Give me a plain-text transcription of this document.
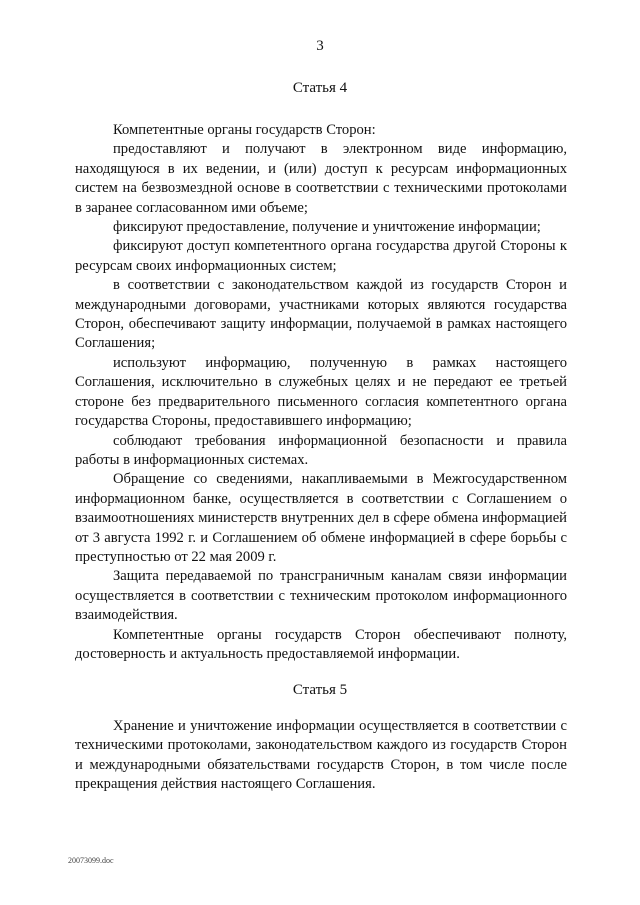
3
Статья 4

Компетентные органы государств Сторон:

предоставляют и получают в электронном виде информацию, находящуюся в их ведении, и (или) доступ к ресурсам информационных систем на безвозмездной основе в соответствии с техническими протоколами в заранее согласованном ими объеме;

фиксируют предоставление, получение и уничтожение информации;

фиксируют доступ компетентного органа государства другой Стороны к ресурсам своих информационных систем;

в соответствии с законодательством каждой из государств Сторон и международными договорами, участниками которых являются государства Сторон, обеспечивают защиту информации, получаемой в рамках настоящего Соглашения;

используют информацию, полученную в рамках настоящего Соглашения, исключительно в служебных целях и не передают ее третьей стороне без предварительного письменного согласия компетентного органа государства Стороны, предоставившего информацию;

соблюдают требования информационной безопасности и правила работы в информационных системах.

Обращение со сведениями, накапливаемыми в Межгосударственном информационном банке, осуществляется в соответствии с Соглашением о взаимоотношениях министерств внутренних дел в сфере обмена информацией от 3 августа 1992 г. и Соглашением об обмене информацией в сфере борьбы с преступностью от 22 мая 2009 г.

Защита передаваемой по трансграничным каналам связи информации осуществляется в соответствии с техническим протоколом информационного взаимодействия.

Компетентные органы государств Сторон обеспечивают полноту, достоверность и актуальность предоставляемой информации.

Статья 5

Хранение и уничтожение информации осуществляется в соответствии с техническими протоколами, законодательством каждого из государств Сторон и международными обязательствами государств Сторон, в том числе после прекращения действия настоящего Соглашения.

20073099.doc
